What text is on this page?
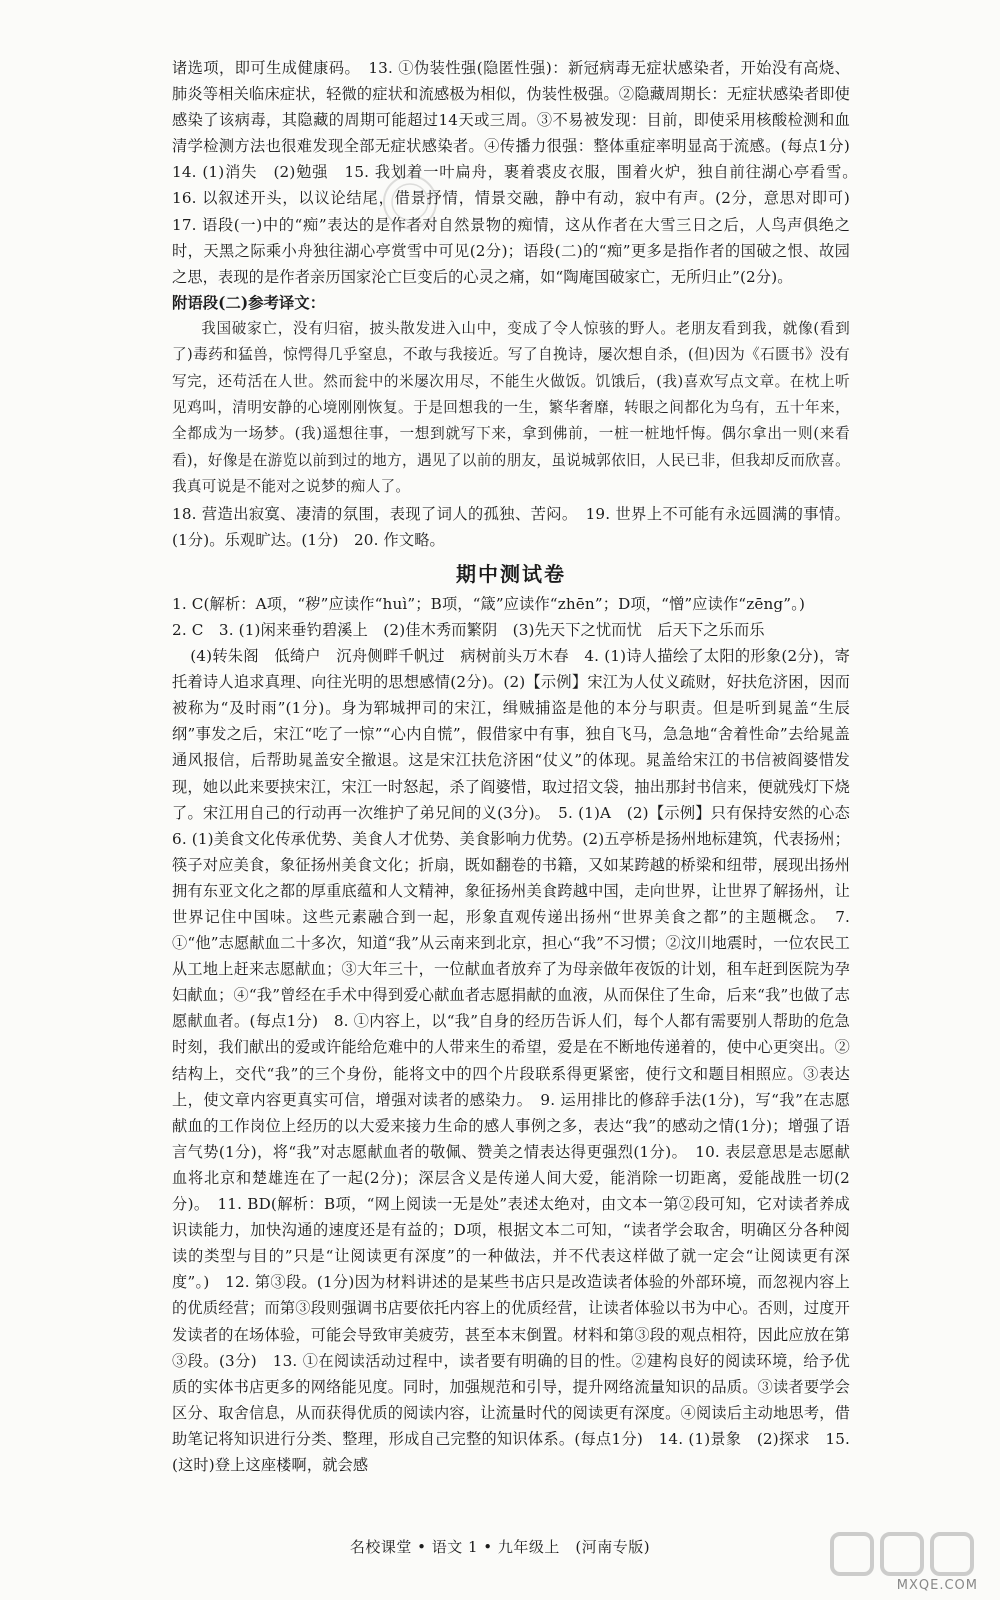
诸选项，即可生成健康码。　13. ①伪装性强(隐匿性强)：新冠病毒无症状感染者，开始没有高烧、肺炎等相关临床症状，轻微的症状和流感极为相似，伪装性极强。②隐藏周期长：无症状感染者即使感染了该病毒，其隐藏的周期可能超过14天或三周。③不易被发现：目前，即使采用核酸检测和血清学检测方法也很难发现全部无症状感染者。④传播力很强：整体重症率明显高于流感。(每点1分)　14. (1)消失　(2)勉强　15. 我划着一叶扁舟，裹着裘皮衣服，围着火炉，独自前往湖心亭看雪。　16. 以叙述开头，以议论结尾，借景抒情，情景交融，静中有动，寂中有声。(2分，意思对即可)　17. 语段(一)中的“痴”表达的是作者对自然景物的痴情，这从作者在大雪三日之后，人鸟声俱绝之时，天黑之际乘小舟独往湖心亭赏雪中可见(2分)；语段(二)的“痴”更多是指作者的国破之恨、故园之思，表现的是作者亲历国家沦亡巨变后的心灵之痛，如“陶庵国破家亡，无所归止”(2分)。

附语段(二)参考译文：

我国破家亡，没有归宿，披头散发进入山中，变成了令人惊骇的野人。老朋友看到我，就像(看到了)毒药和猛兽，惊愕得几乎窒息，不敢与我接近。写了自挽诗，屡次想自杀，(但)因为《石匮书》没有写完，还苟活在人世。然而瓮中的米屡次用尽，不能生火做饭。饥饿后，(我)喜欢写点文章。在枕上听见鸡叫，清明安静的心境刚刚恢复。于是回想我的一生，繁华奢靡，转眼之间都化为乌有，五十年来，全都成为一场梦。(我)遥想往事，一想到就写下来，拿到佛前，一桩一桩地忏悔。偶尔拿出一则(来看看)，好像是在游览以前到过的地方，遇见了以前的朋友，虽说城郭依旧，人民已非，但我却反而欣喜。我真可说是不能对之说梦的痴人了。

18. 营造出寂寞、凄清的氛围，表现了词人的孤独、苦闷。　19. 世界上不可能有永远圆满的事情。(1分)。乐观旷达。(1分)　20. 作文略。

期中测试卷

1. C(解析：A项，“秽”应读作“huì”；B项，“箴”应读作“zhēn”；D项，“憎”应读作“zēng”。)

2. C　3. (1)闲来垂钓碧溪上　(2)佳木秀而繁阴　(3)先天下之忧而忧　后天下之乐而乐

(4)转朱阁　低绮户　沉舟侧畔千帆过　病树前头万木春　4. (1)诗人描绘了太阳的形象(2分)，寄托着诗人追求真理、向往光明的思想感情(2分)。(2)【示例】宋江为人仗义疏财，好扶危济困，因而被称为“及时雨”(1分)。身为郓城押司的宋江，缉贼捕盗是他的本分与职责。但是听到晁盖“生辰纲”事发之后，宋江“吃了一惊”“心内自慌”，假借家中有事，独自飞马，急急地“舍着性命”去给晁盖通风报信，后帮助晁盖安全撤退。这是宋江扶危济困“仗义”的体现。晁盖给宋江的书信被阎婆惜发现，她以此来要挟宋江，宋江一时怒起，杀了阎婆惜，取过招文袋，抽出那封书信来，便就残灯下烧了。宋江用自己的行动再一次维护了弟兄间的义(3分)。　5. (1)A　(2)【示例】只有保持安然的心态　6. (1)美食文化传承优势、美食人才优势、美食影响力优势。(2)五亭桥是扬州地标建筑，代表扬州；筷子对应美食，象征扬州美食文化；折扇，既如翻卷的书籍，又如某跨越的桥梁和纽带，展现出扬州拥有东亚文化之都的厚重底蕴和人文精神，象征扬州美食跨越中国，走向世界，让世界了解扬州，让世界记住中国味。这些元素融合到一起，形象直观传递出扬州“世界美食之都”的主题概念。　7. ①“他”志愿献血二十多次，知道“我”从云南来到北京，担心“我”不习惯；②汶川地震时，一位农民工从工地上赶来志愿献血；③大年三十，一位献血者放弃了为母亲做年夜饭的计划，租车赶到医院为孕妇献血；④“我”曾经在手术中得到爱心献血者志愿捐献的血液，从而保住了生命，后来“我”也做了志愿献血者。(每点1分)　8. ①内容上，以“我”自身的经历告诉人们，每个人都有需要别人帮助的危急时刻，我们献出的爱或许能给危难中的人带来生的希望，爱是在不断地传递着的，使中心更突出。②结构上，交代“我”的三个身份，能将文中的四个片段联系得更紧密，使行文和题目相照应。③表达上，使文章内容更真实可信，增强对读者的感染力。　9. 运用排比的修辞手法(1分)，写“我”在志愿献血的工作岗位上经历的以大爱来接力生命的感人事例之多，表达“我”的感动之情(1分)；增强了语言气势(1分)，将“我”对志愿献血者的敬佩、赞美之情表达得更强烈(1分)。　10. 表层意思是志愿献血将北京和楚雄连在了一起(2分)；深层含义是传递人间大爱，能消除一切距离，爱能战胜一切(2分)。　11. BD(解析：B项，“网上阅读一无是处”表述太绝对，由文本一第②段可知，它对读者养成识读能力，加快沟通的速度还是有益的；D项，根据文本二可知，“读者学会取舍，明确区分各种阅读的类型与目的”只是“让阅读更有深度”的一种做法，并不代表这样做了就一定会“让阅读更有深度”。)　12. 第③段。(1分)因为材料讲述的是某些书店只是改造读者体验的外部环境，而忽视内容上的优质经营；而第③段则强调书店要依托内容上的优质经营，让读者体验以书为中心。否则，过度开发读者的在场体验，可能会导致审美疲劳，甚至本末倒置。材料和第③段的观点相符，因此应放在第③段。(3分)　13. ①在阅读活动过程中，读者要有明确的目的性。②建构良好的阅读环境，给予优质的实体书店更多的网络能见度。同时，加强规范和引导，提升网络流量知识的品质。③读者要学会区分、取舍信息，从而获得优质的阅读内容，让流量时代的阅读更有深度。④阅读后主动地思考，借助笔记将知识进行分类、整理，形成自己完整的知识体系。(每点1分)　14. (1)景象　(2)探求　15. (这时)登上这座楼啊，就会感

名校课堂 • 语文 1 • 九年级上　(河南专版)
MXQE.COM
